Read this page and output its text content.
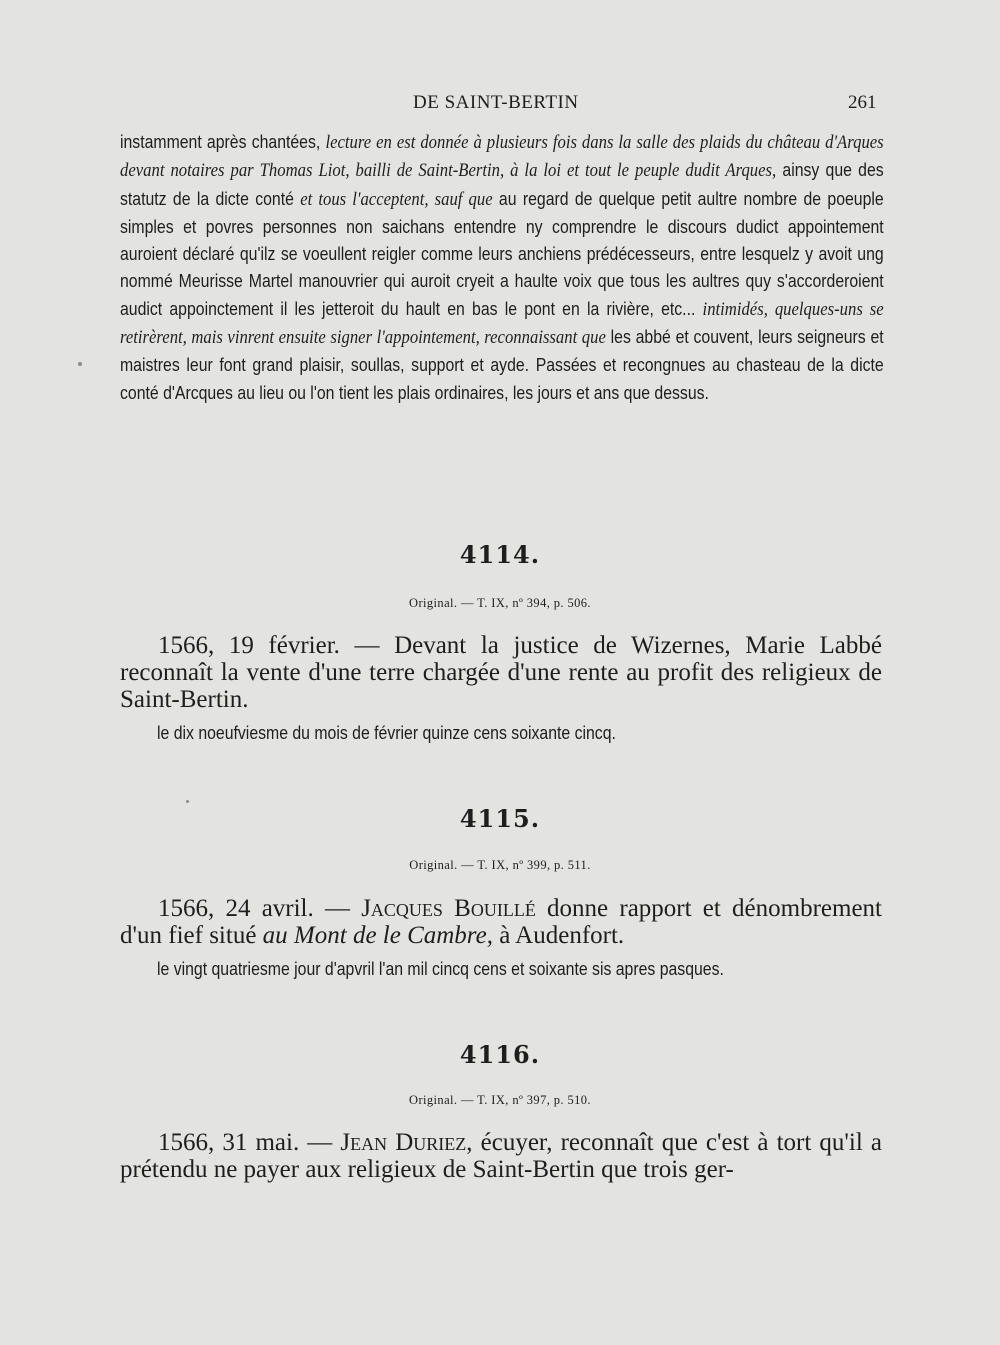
DE SAINT-BERTIN	261
instamment après chantées, lecture en est donnée à plusieurs fois dans la salle des plaids du château d'Arques devant notaires par Thomas Liot, bailli de Saint-Bertin, à la loi et tout le peuple dudit Arques, ainsy que des statutz de la dicte conté et tous l'acceptent, sauf que au regard de quelque petit aultre nombre de poeuple simples et povres personnes non saichans entendre ny comprendre le discours dudict appointement auroient déclaré qu'ilz se voeullent reigler comme leurs anchiens prédécesseurs, entre lesquelz y avoit ung nommé Meurisse Martel manouvrier qui auroit cryeit a haulte voix que tous les aultres quy s'accorderoient audict appoinctement il les jetteroit du hault en bas le pont en la rivière, etc... intimidés, quelques-uns se retirèrent, mais vinrent ensuite signer l'appointement, reconnaissant que les abbé et couvent, leurs seigneurs et maistres leur font grand plaisir, soullas, support et ayde. Passées et recongnues au chasteau de la dicte conté d'Arcques au lieu ou l'on tient les plais ordinaires, les jours et ans que dessus.
4114.
Original. — T. IX, nº 394, p. 506.
1566, 19 février. — Devant la justice de Wizernes, Marie Labbé reconnaît la vente d'une terre chargée d'une rente au profit des religieux de Saint-Bertin.
le dix noeufviesme du mois de février quinze cens soixante cincq.
4115.
Original. — T. IX, nº 399, p. 511.
1566, 24 avril. — Jacques Bouillé donne rapport et dénombrement d'un fief situé au Mont de le Cambre, à Audenfort.
le vingt quatriesme jour d'apvril l'an mil cincq cens et soixante sis apres pasques.
4116.
Original. — T. IX, nº 397, p. 510.
1566, 31 mai. — Jean Duriez, écuyer, reconnaît que c'est à tort qu'il a prétendu ne payer aux religieux de Saint-Bertin que trois ger-
